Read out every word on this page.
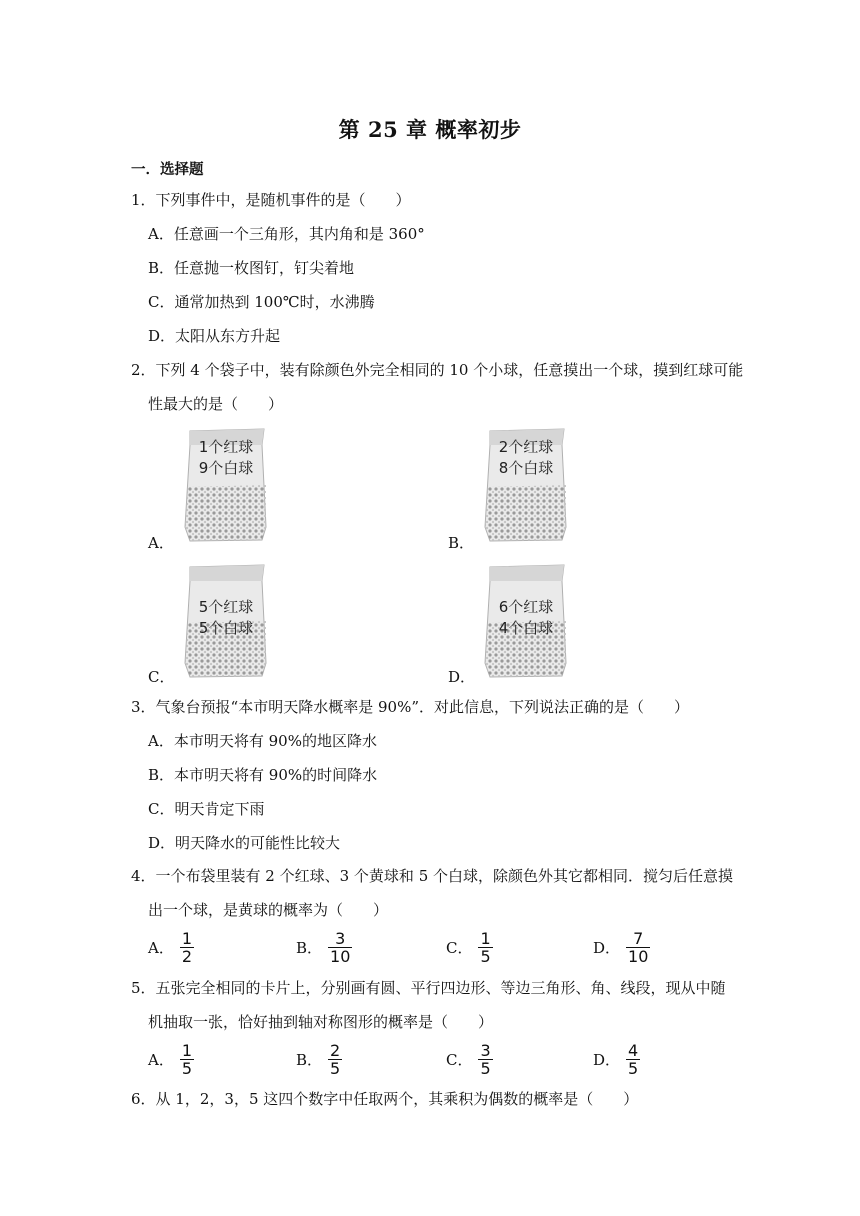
第 25 章 概率初步
一．选择题
1．下列事件中，是随机事件的是（　　）
A．任意画一个三角形，其内角和是 360°
B．任意抛一枚图钉，钉尖着地
C．通常加热到 100℃时，水沸腾
D．太阳从东方升起
2．下列 4 个袋子中，装有除颜色外完全相同的 10 个小球，任意摸出一个球，摸到红球可能
性最大的是（　　）
A．
1个红球
9个白球
B．
2个红球
8个白球
C．
5个红球
5个白球
D．
6个红球
4个白球
3．气象台预报“本市明天降水概率是 90%”．对此信息，下列说法正确的是（　　）
A．本市明天将有 90%的地区降水
B．本市明天将有 90%的时间降水
C．明天肯定下雨
D．明天降水的可能性比较大
4．一个布袋里装有 2 个红球、3 个黄球和 5 个白球，除颜色外其它都相同．搅匀后任意摸
出一个球，是黄球的概率为（　　）
A． $\frac{1}{2}$	B． $\frac{3}{10}$	C． $\frac{1}{5}$	D． $\frac{7}{10}$
5．五张完全相同的卡片上，分别画有圆、平行四边形、等边三角形、角、线段，现从中随
机抽取一张，恰好抽到轴对称图形的概率是（　　）
A． $\frac{1}{5}$	B． $\frac{2}{5}$	C． $\frac{3}{5}$	D． $\frac{4}{5}$
6．从 1，2，3，5 这四个数字中任取两个，其乘积为偶数的概率是（　　）
